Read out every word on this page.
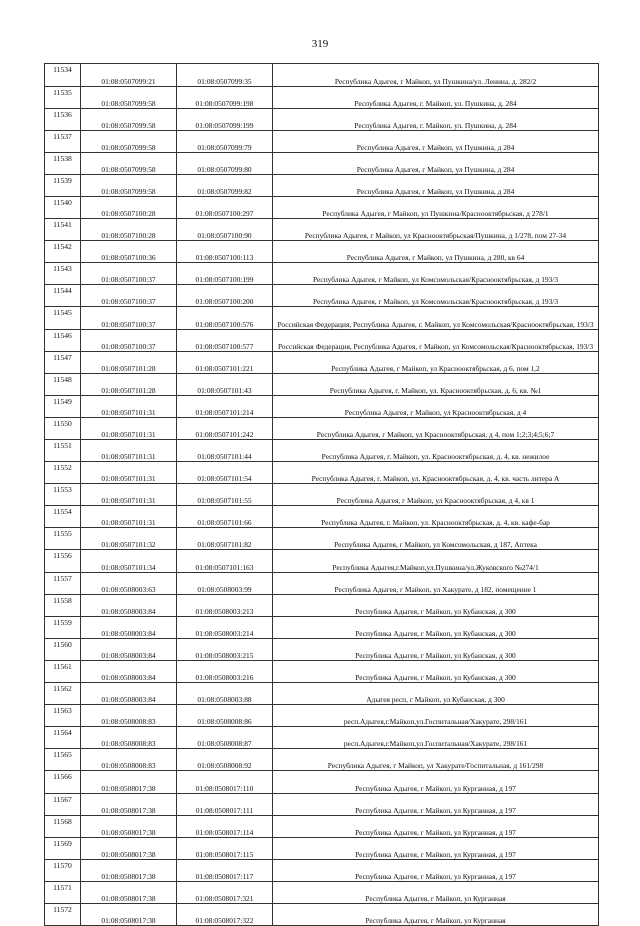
319
11534	01:08:0507099:21	01:08:0507099:35	Республика Адыгея, г Майкоп, ул Пушкина/ул. Ленина, д. 282/2
11535	01:08:0507099:58	01:08:0507099:198	Республика Адыгея, г. Майкоп, ул. Пушкина, д. 284
11536	01:08:0507099:58	01:08:0507099:199	Республика Адыгея, г. Майкоп, ул. Пушкина, д. 284
11537	01:08:0507099:58	01:08:0507099:79	Республика Адыгея, г Майкоп, ул Пушкина, д 284
11538	01:08:0507099:58	01:08:0507099:80	Республика Адыгея, г Майкоп, ул Пушкина, д 284
11539	01:08:0507099:58	01:08:0507099:82	Республика Адыгея, г Майкоп, ул Пушкина, д 284
11540	01:08:0507100:28	01:08:0507100:297	Республика Адыгея, г Майкоп, ул Пушкина/Краснооктябрьская, д 278/1
11541	01:08:0507100:28	01:08:0507100:90	Республика Адыгея, г Майкоп, ул Краснооктябрьская/Пушкина, д 1/278, пом 27-34
11542	01:08:0507100:36	01:08:0507100:113	Республика Адыгея, г Майкоп, ул Пушкина, д 280, кв 64
11543	01:08:0507100:37	01:08:0507100:199	Республика Адыгея, г Майкоп, ул Комсомольская/Краснооктябрьская, д 193/3
11544	01:08:0507100:37	01:08:0507100:200	Республика Адыгея, г Майкоп, ул Комсомольская/Краснооктябрьская, д 193/3
11545	01:08:0507100:37	01:08:0507100:576	Российская Федерация, Республика Адыгея, г. Майкоп, ул Комсомольская/Краснооктябрьская, 193/3
11546	01:08:0507100:37	01:08:0507100:577	Российская Федерация, Республика Адыгея, г Майкоп, ул Комсомольская/Краснооктябрьская, 193/3
11547	01:08:0507101:28	01:08:0507101:221	Республика Адыгея, г Майкоп, ул Краснооктябрьская, д 6, пом 1,2
11548	01:08:0507101:28	01:08:0507101:43	Республика Адыгея, г. Майкоп, ул. Краснооктябрьская, д. 6, кв. №1
11549	01:08:0507101:31	01:08:0507101:214	Республика Адыгея, г Майкоп, ул Краснооктябрьская, д 4
11550	01:08:0507101:31	01:08:0507101:242	Республика Адыгея, г Майкоп, ул Краснооктябрьская, д 4, пом 1;2;3;4;5;6;7
11551	01:08:0507101:31	01:08:0507101:44	Республика Адыгея, г. Майкоп, ул. Краснооктябрьская, д. 4, кв. нежилое
11552	01:08:0507101:31	01:08:0507101:54	Республика Адыгея, г. Майкоп, ул. Краснооктябрьская, д. 4, кв. часть литера А
11553	01:08:0507101:31	01:08:0507101:55	Республика Адыгея, г Майкоп, ул Краснооктябрьская, д 4, кв 1
11554	01:08:0507101:31	01:08:0507101:66	Республика Адыгея, г. Майкоп, ул. Краснооктябрьская, д. 4, кв. кафе-бар
11555	01:08:0507101:32	01:08:0507101:82	Республика Адыгея, г Майкоп, ул Комсомольская, д 187, Аптека
11556	01:08:0507101:34	01:08:0507101:163	Республика Адыгея,г.Майкоп,ул.Пушкина/ул.Жуковского №274/1
11557	01:08:0508003:63	01:08:0508003:99	Республика Адыгея, г Майкоп, ул Хакурате, д 182, помещение 1
11558	01:08:0508003:84	01:08:0508003:213	Республика Адыгея, г Майкоп, ул Кубанская, д 300
11559	01:08:0508003:84	01:08:0508003:214	Республика Адыгея, г Майкоп, ул Кубанская, д 300
11560	01:08:0508003:84	01:08:0508003:215	Республика Адыгея, г Майкоп, ул Кубанская, д 300
11561	01:08:0508003:84	01:08:0508003:216	Республика Адыгея, г Майкоп, ул Кубанская, д 300
11562	01:08:0508003:84	01:08:0508003:88	Адыгея респ, г Майкоп, ул Кубанская, д 300
11563	01:08:0508008:83	01:08:0508008:86	респ.Адыгея,г.Майкоп,ул.Госпитальная/Хакурате, 298/161
11564	01:08:0508008:83	01:08:0508008:87	респ.Адыгея,г.Майкоп,ул.Госпитальная/Хакурате, 298/161
11565	01:08:0508008:83	01:08:0508008:92	Республика Адыгея, г Майкоп, ул Хакурате/Госпитальная, д 161/298
11566	01:08:0508017:38	01:08:0508017:110	Республика Адыгея, г Майкоп, ул Курганная, д 197
11567	01:08:0508017:38	01:08:0508017:111	Республика Адыгея, г Майкоп, ул Курганная, д 197
11568	01:08:0508017:38	01:08:0508017:114	Республика Адыгея, г Майкоп, ул Курганная, д 197
11569	01:08:0508017:38	01:08:0508017:115	Республика Адыгея, г Майкоп, ул Курганная, д 197
11570	01:08:0508017:38	01:08:0508017:117	Республика Адыгея, г Майкоп, ул Курганная, д 197
11571	01:08:0508017:38	01:08:0508017:321	Республика Адыгея, г Майкоп, ул Курганная
11572	01:08:0508017:38	01:08:0508017:322	Республика Адыгея, г Майкоп, ул Курганная
